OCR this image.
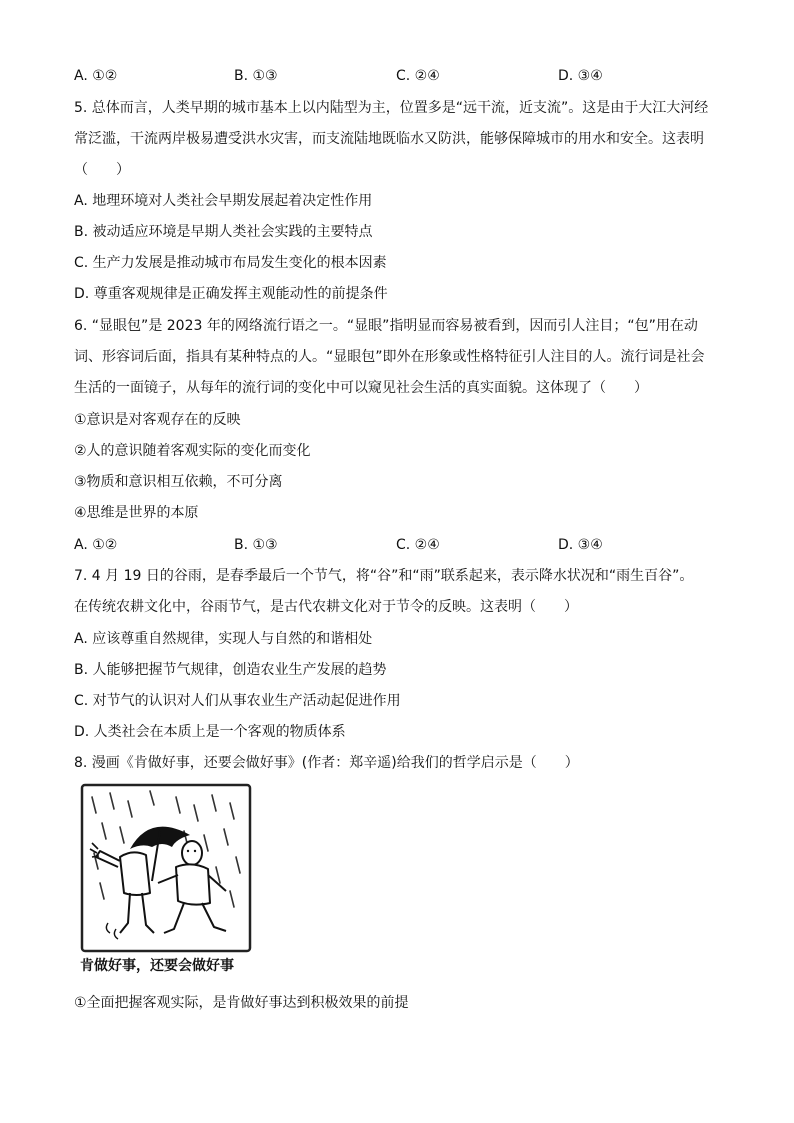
A. ①②	B. ①③	C. ②④	D. ③④
5. 总体而言，人类早期的城市基本上以内陆型为主，位置多是“远干流，近支流”。这是由于大江大河经
常泛滥，干流两岸极易遭受洪水灾害，而支流陆地既临水又防洪，能够保障城市的用水和安全。这表明
（　　）
A. 地理环境对人类社会早期发展起着决定性作用
B. 被动适应环境是早期人类社会实践的主要特点
C. 生产力发展是推动城市布局发生变化的根本因素
D. 尊重客观规律是正确发挥主观能动性的前提条件
6. “显眼包”是 2023 年的网络流行语之一。“显眼”指明显而容易被看到，因而引人注目；“包”用在动
词、形容词后面，指具有某种特点的人。“显眼包”即外在形象或性格特征引人注目的人。流行词是社会
生活的一面镜子，从每年的流行词的变化中可以窥见社会生活的真实面貌。这体现了（　　）
①意识是对客观存在的反映
②人的意识随着客观实际的变化而变化
③物质和意识相互依赖，不可分离
④思维是世界的本原
A. ①②	B. ①③	C. ②④	D. ③④
7. 4 月 19 日的谷雨，是春季最后一个节气，将“谷”和“雨”联系起来，表示降水状况和“雨生百谷”。
在传统农耕文化中，谷雨节气，是古代农耕文化对于节令的反映。这表明（　　）
A. 应该尊重自然规律，实现人与自然的和谐相处
B. 人能够把握节气规律，创造农业生产发展的趋势
C. 对节气的认识对人们从事农业生产活动起促进作用
D. 人类社会在本质上是一个客观的物质体系
8. 漫画《肯做好事，还要会做好事》(作者：郑辛遥)给我们的哲学启示是（　　）
肯做好事，还要会做好事
①全面把握客观实际，是肯做好事达到积极效果的前提
